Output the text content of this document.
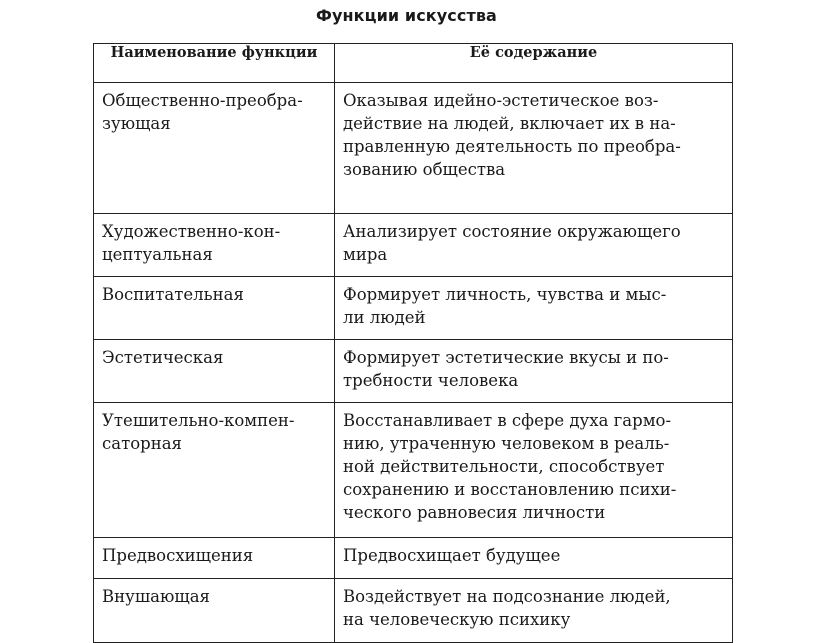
Функции искусства
Наименование функции	Её содержание

Общественно-преобра-
зующая	Оказывая идейно-эстетическое воз-
действие на людей, включает их в на-
правленную деятельность по преобра-
зованию общества

Художественно-кон-
цептуальная	Анализирует состояние окружающего
мира

Воспитательная	Формирует личность, чувства и мыс-
ли людей

Эстетическая	Формирует эстетические вкусы и по-
требности человека

Утешительно-компен-
саторная	Восстанавливает в сфере духа гармо-
нию, утраченную человеком в реаль-
ной действительности, способствует
сохранению и восстановлению психи-
ческого равновесия личности

Предвосхищения	Предвосхищает будущее

Внушающая	Воздействует на подсознание людей,
на человеческую психику
